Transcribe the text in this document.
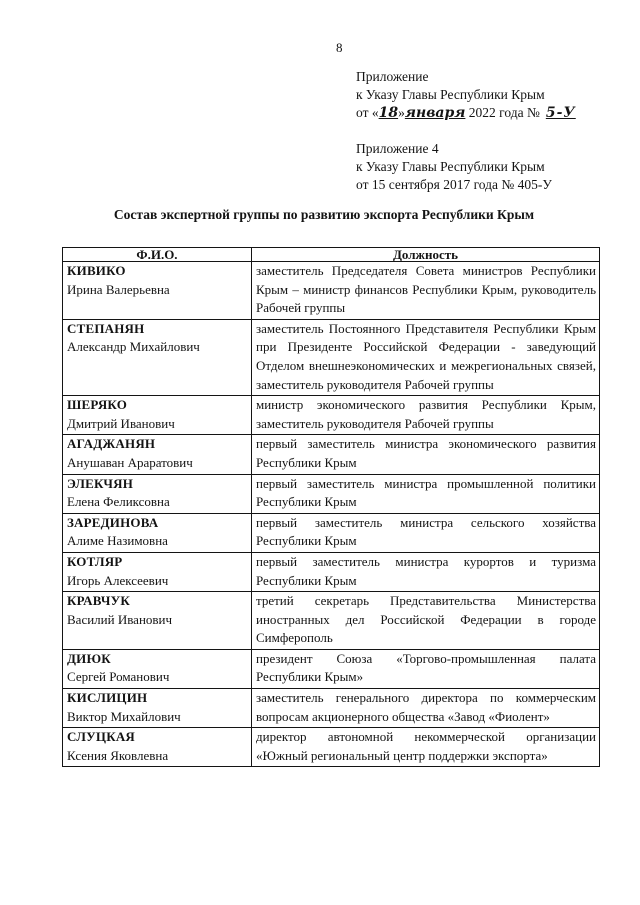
8
Приложение
к Указу Главы Республики Крым
от «18»января 2022 года № 5-У
Приложение 4
к Указу Главы Республики Крым
от 15 сентября 2017 года № 405-У
Состав экспертной группы по развитию экспорта Республики Крым
Ф.И.О.	Должность

КИВИКО
Ирина Валерьевна	заместитель Председателя Совета министров Республики Крым – министр финансов Республики Крым, руководитель Рабочей группы

СТЕПАНЯН
Александр Михайлович	заместитель Постоянного Представителя Республики Крым при Президенте Российской Федерации - заведующий Отделом внешнеэкономических и межрегиональных связей, заместитель руководителя Рабочей группы

ШЕРЯКО
Дмитрий Иванович	министр экономического развития Республики Крым, заместитель руководителя Рабочей группы

АГАДЖАНЯН
Анушаван Араратович	первый заместитель министра экономического развития Республики Крым

ЭЛЕКЧЯН
Елена Феликсовна	первый заместитель министра промышленной политики Республики Крым

ЗАРЕДИНОВА
Алиме Назимовна	первый заместитель министра сельского хозяйства Республики Крым

КОТЛЯР
Игорь Алексеевич	первый заместитель министра курортов и туризма Республики Крым

КРАВЧУК
Василий Иванович	третий секретарь Представительства Министерства иностранных дел Российской Федерации в городе Симферополь

ДИЮК
Сергей Романович	президент Союза «Торгово-промышленная палата Республики Крым»

КИСЛИЦИН
Виктор Михайлович	заместитель генерального директора по коммерческим вопросам акционерного общества «Завод «Фиолент»

СЛУЦКАЯ
Ксения Яковлевна	директор автономной некоммерческой организации «Южный региональный центр поддержки экспорта»
